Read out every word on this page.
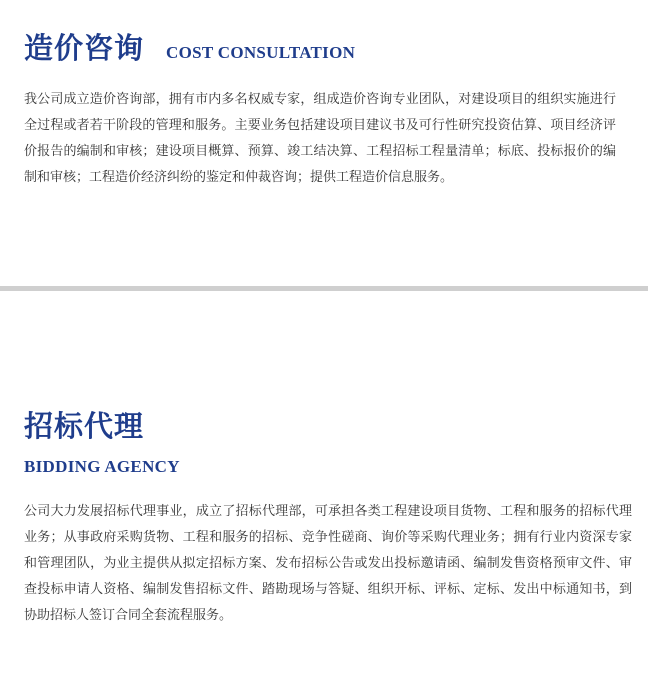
造价咨询 COST CONSULTATION
我公司成立造价咨询部，拥有市内多名权威专家，组成造价咨询专业团队，对建设项目的组织实施进行全过程或者若干阶段的管理和服务。主要业务包括建设项目建议书及可行性研究投资估算、项目经济评价报告的编制和审核；建设项目概算、预算、竣工结决算、工程招标工程量清单；标底、投标报价的编制和审核；工程造价经济纠纷的鉴定和仲裁咨询；提供工程造价信息服务。
招标代理
BIDDING AGENCY
公司大力发展招标代理事业，成立了招标代理部，可承担各类工程建设项目货物、工程和服务的招标代理业务；从事政府采购货物、工程和服务的招标、竞争性磋商、询价等采购代理业务；拥有行业内资深专家和管理团队，为业主提供从拟定招标方案、发布招标公告或发出投标邀请函、编制发售资格预审文件、审查投标申请人资格、编制发售招标文件、踏勘现场与答疑、组织开标、评标、定标、发出中标通知书，到协助招标人签订合同全套流程服务。
